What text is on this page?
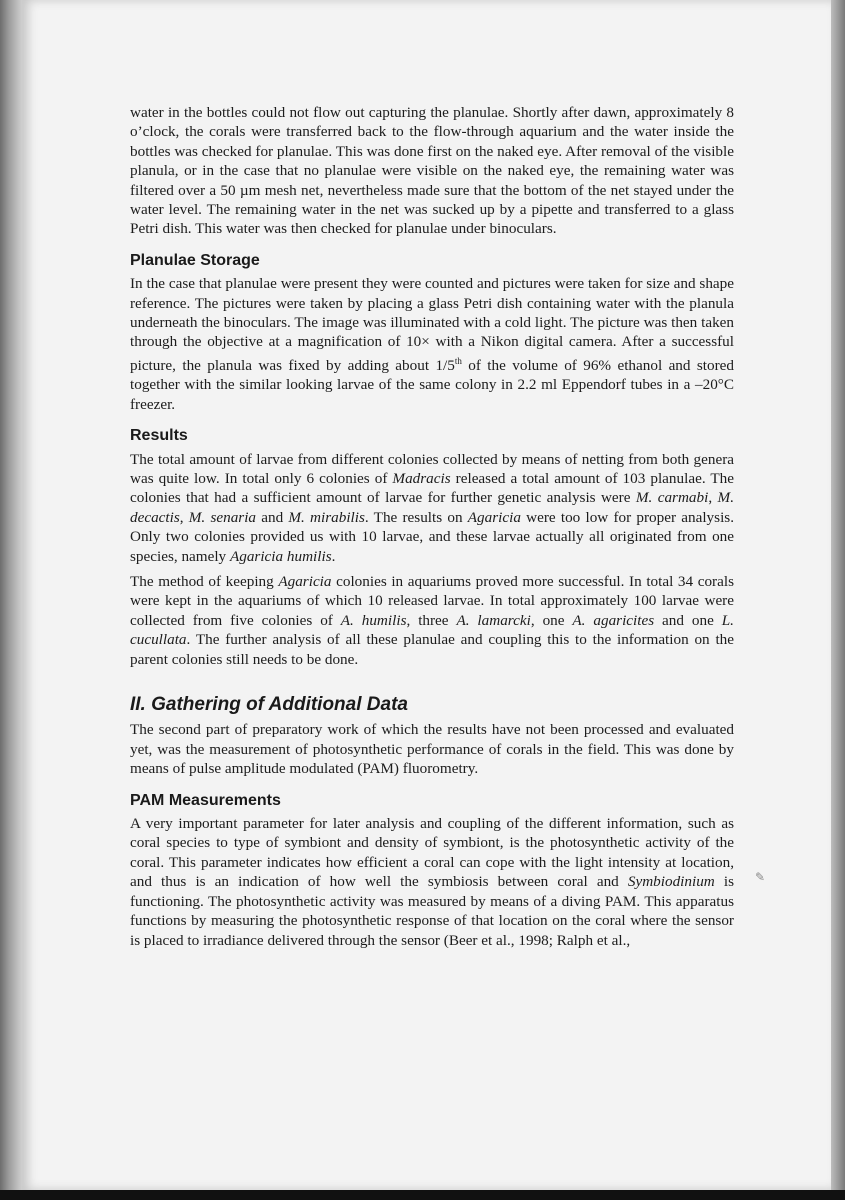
water in the bottles could not flow out capturing the planulae. Shortly after dawn, approximately 8 o’clock, the corals were transferred back to the flow-through aquarium and the water inside the bottles was checked for planulae. This was done first on the naked eye. After removal of the visible planula, or in the case that no planulae were visible on the naked eye, the remaining water was filtered over a 50 µm mesh net, nevertheless made sure that the bottom of the net stayed under the water level. The remaining water in the net was sucked up by a pipette and transferred to a glass Petri dish. This water was then checked for planulae under binoculars.

Planulae Storage

In the case that planulae were present they were counted and pictures were taken for size and shape reference. The pictures were taken by placing a glass Petri dish containing water with the planula underneath the binoculars. The image was illuminated with a cold light. The picture was then taken through the objective at a magnification of 10× with a Nikon digital camera. After a successful picture, the planula was fixed by adding about 1/5th of the volume of 96% ethanol and stored together with the similar looking larvae of the same colony in 2.2 ml Eppendorf tubes in a –20°C freezer.

Results

The total amount of larvae from different colonies collected by means of netting from both genera was quite low. In total only 6 colonies of Madracis released a total amount of 103 planulae. The colonies that had a sufficient amount of larvae for further genetic analysis were M. carmabi, M. decactis, M. senaria and M. mirabilis. The results on Agaricia were too low for proper analysis. Only two colonies provided us with 10 larvae, and these larvae actually all originated from one species, namely Agaricia humilis.

The method of keeping Agaricia colonies in aquariums proved more successful. In total 34 corals were kept in the aquariums of which 10 released larvae. In total approximately 100 larvae were collected from five colonies of A. humilis, three A. lamarcki, one A. agaricites and one L. cucullata. The further analysis of all these planulae and coupling this to the information on the parent colonies still needs to be done.

II. Gathering of Additional Data

The second part of preparatory work of which the results have not been processed and evaluated yet, was the measurement of photosynthetic performance of corals in the field. This was done by means of pulse amplitude modulated (PAM) fluorometry.

PAM Measurements

A very important parameter for later analysis and coupling of the different information, such as coral species to type of symbiont and density of symbiont, is the photosynthetic activity of the coral. This parameter indicates how efficient a coral can cope with the light intensity at location, and thus is an indication of how well the symbiosis between coral and Symbiodinium is functioning. The photosynthetic activity was measured by means of a diving PAM. This apparatus functions by measuring the photosynthetic response of that location on the coral where the sensor is placed to irradiance delivered through the sensor (Beer et al., 1998; Ralph et al.,

✎
